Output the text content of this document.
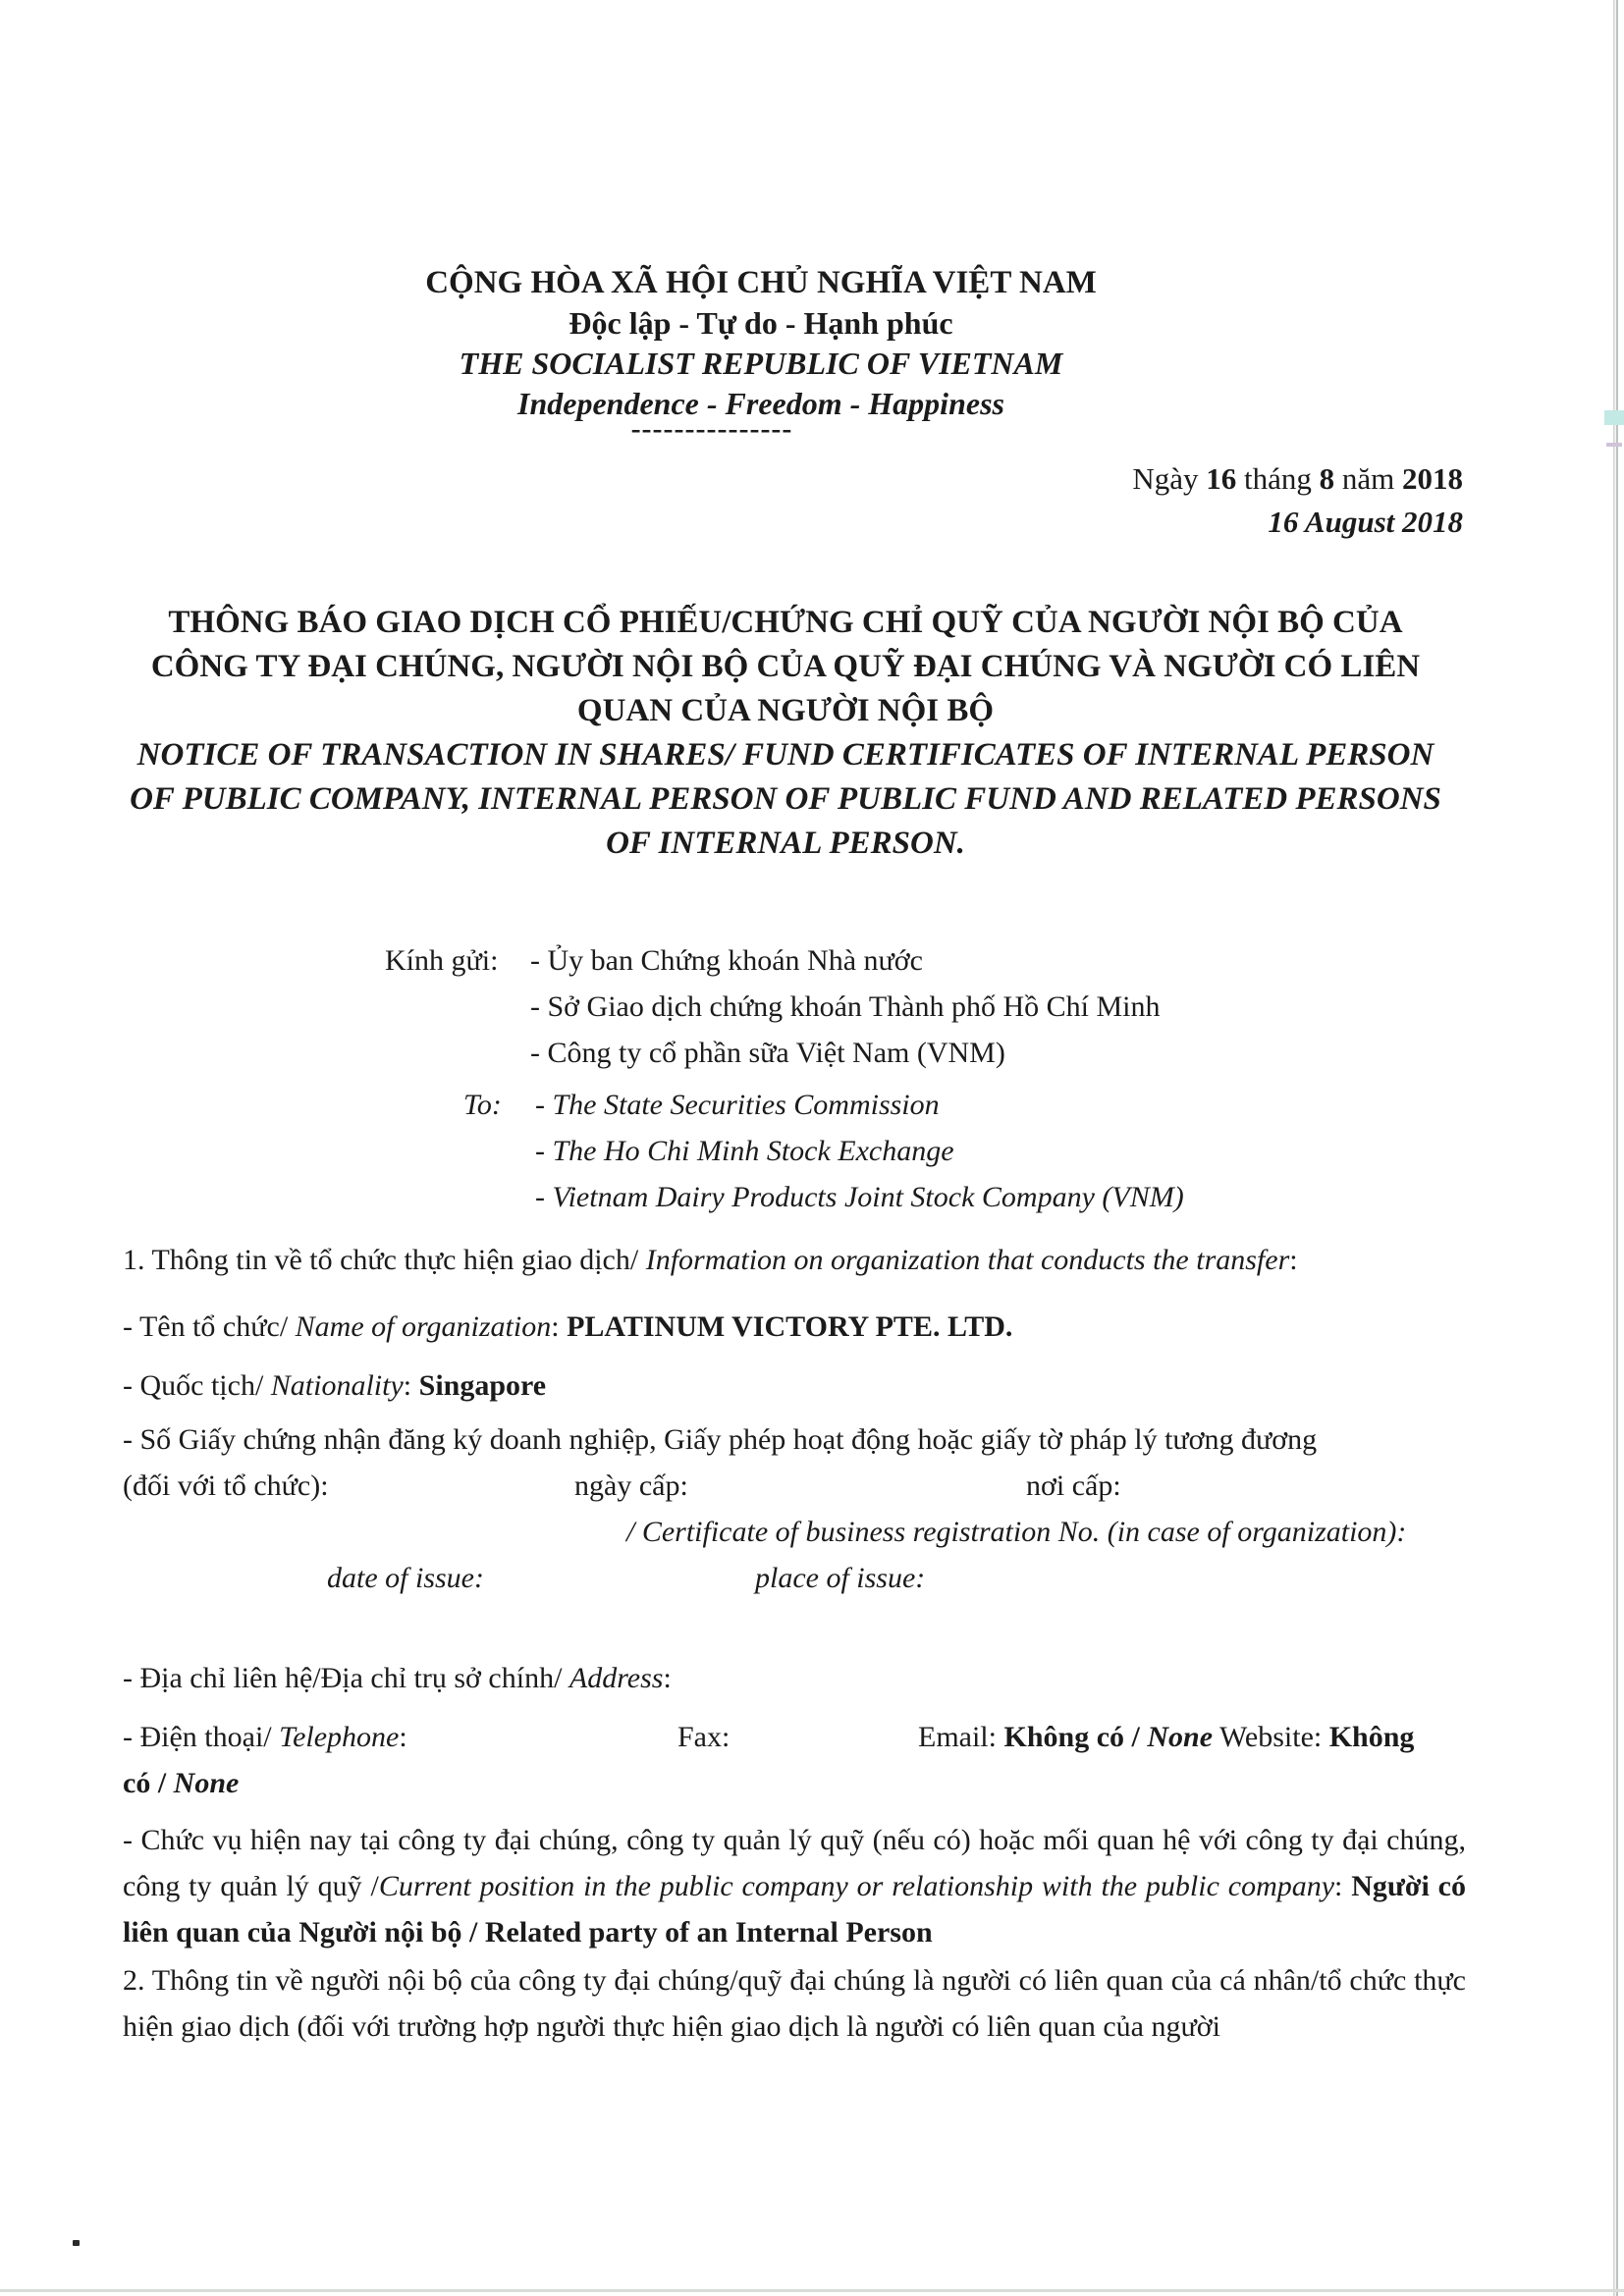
CỘNG HÒA XÃ HỘI CHỦ NGHĨA VIỆT NAM
Độc lập - Tự do - Hạnh phúc
THE SOCIALIST REPUBLIC OF VIETNAM
Independence - Freedom - Happiness
---------------
Ngày 16 tháng 8 năm 2018
16 August 2018
THÔNG BÁO GIAO DỊCH CỔ PHIẾU/CHỨNG CHỈ QUỸ CỦA NGƯỜI NỘI BỘ CỦA CÔNG TY ĐẠI CHÚNG, NGƯỜI NỘI BỘ CỦA QUỸ ĐẠI CHÚNG VÀ NGƯỜI CÓ LIÊN QUAN CỦA NGƯỜI NỘI BỘ
NOTICE OF TRANSACTION IN SHARES/ FUND CERTIFICATES OF INTERNAL PERSON OF PUBLIC COMPANY, INTERNAL PERSON OF PUBLIC FUND AND RELATED PERSONS OF INTERNAL PERSON.
Kính gửi: - Ủy ban Chứng khoán Nhà nước
- Sở Giao dịch chứng khoán Thành phố Hồ Chí Minh
- Công ty cổ phần sữa Việt Nam (VNM)
To: - The State Securities Commission
- The Ho Chi Minh Stock Exchange
- Vietnam Dairy Products Joint Stock Company (VNM)
1. Thông tin về tổ chức thực hiện giao dịch/ Information on organization that conducts the transfer:
- Tên tổ chức/ Name of organization: PLATINUM VICTORY PTE. LTD.
- Quốc tịch/ Nationality: Singapore
- Số Giấy chứng nhận đăng ký doanh nghiệp, Giấy phép hoạt động hoặc giấy tờ pháp lý tương đương
(đối với tổ chức):	ngày cấp:	nơi cấp:
/ Certificate of business registration No. (in case of organization):
date of issue:	place of issue:
- Địa chỉ liên hệ/Địa chỉ trụ sở chính/ Address:
- Điện thoại/ Telephone:	Fax:	Email: Không có / None Website: Không
có / None
- Chức vụ hiện nay tại công ty đại chúng, công ty quản lý quỹ (nếu có) hoặc mối quan hệ với công ty đại chúng, công ty quản lý quỹ /Current position in the public company or relationship with the public company: Người có liên quan của Người nội bộ / Related party of an Internal Person
2. Thông tin về người nội bộ của công ty đại chúng/quỹ đại chúng là người có liên quan của cá nhân/tổ chức thực hiện giao dịch (đối với trường hợp người thực hiện giao dịch là người có liên quan của người
